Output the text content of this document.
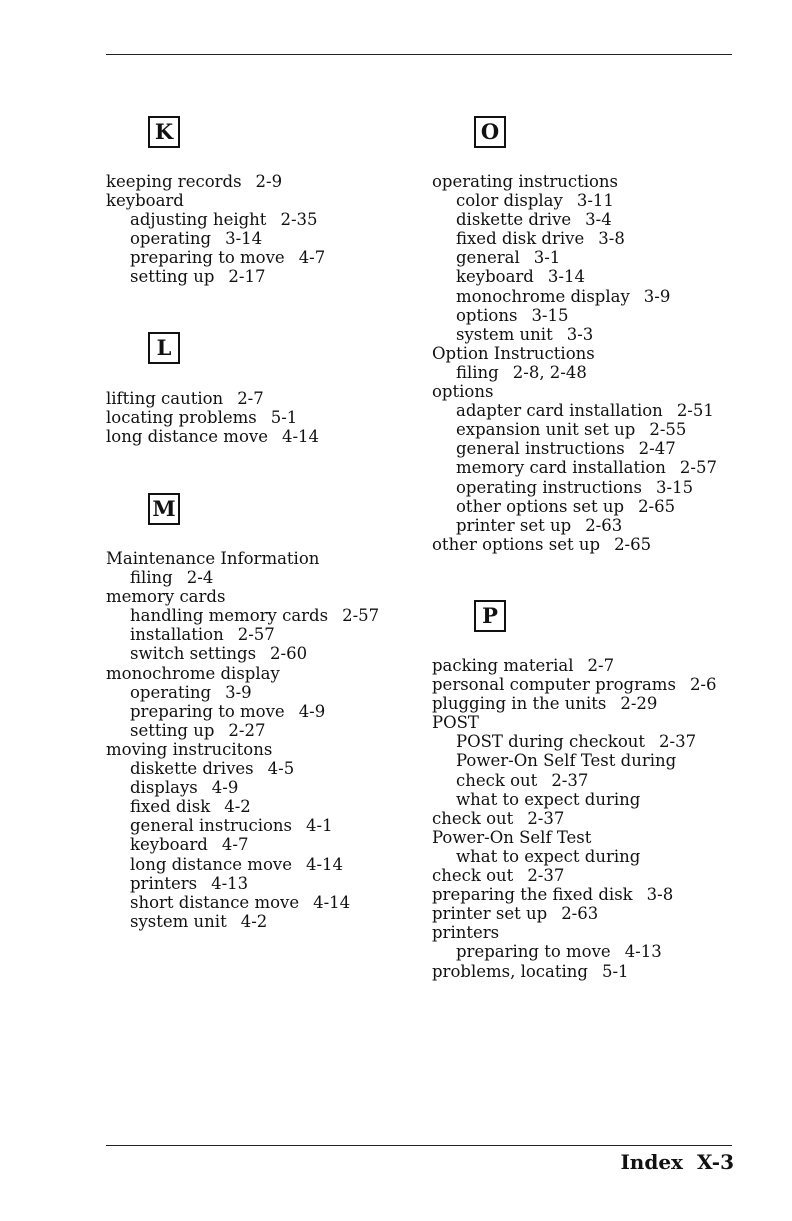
K
keeping records 2-9
keyboard
adjusting height 2-35
operating 3-14
preparing to move 4-7
setting up 2-17
L
lifting caution 2-7
locating problems 5-1
long distance move 4-14
M
Maintenance Information
filing 2-4
memory cards
handling memory cards 2-57
installation 2-57
switch settings 2-60
monochrome display
operating 3-9
preparing to move 4-9
setting up 2-27
moving instrucitons
diskette drives 4-5
displays 4-9
fixed disk 4-2
general instrucions 4-1
keyboard 4-7
long distance move 4-14
printers 4-13
short distance move 4-14
system unit 4-2
O
operating instructions
color display 3-11
diskette drive 3-4
fixed disk drive 3-8
general 3-1
keyboard 3-14
monochrome display 3-9
options 3-15
system unit 3-3
Option Instructions
filing 2-8, 2-48
options
adapter card installation 2-51
expansion unit set up 2-55
general instructions 2-47
memory card installation 2-57
operating instructions 3-15
other options set up 2-65
printer set up 2-63
other options set up 2-65
P
packing material 2-7
personal computer programs 2-6
plugging in the units 2-29
POST
POST during checkout 2-37
Power-On Self Test during
check out 2-37
what to expect during
check out 2-37
Power-On Self Test
what to expect during
check out 2-37
preparing the fixed disk 3-8
printer set up 2-63
printers
preparing to move 4-13
problems, locating 5-1
Index X-3
